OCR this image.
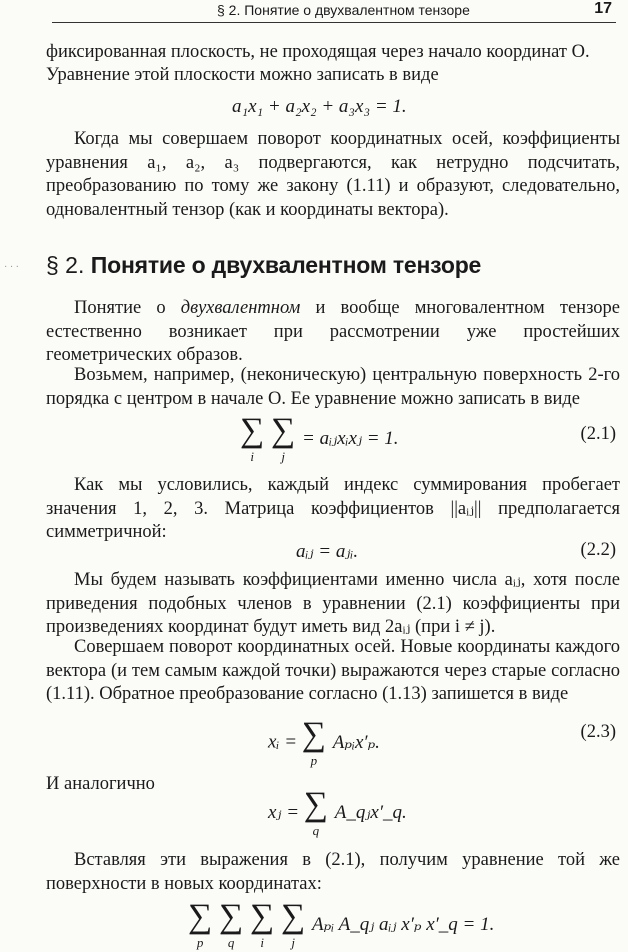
§ 2. Понятие о двухвалентном тензоре	17
фиксированная плоскость, не проходящая через начало координат O.
Уравнение этой плоскости можно записать в виде
a₁x₁ + a₂x₂ + a₃x₃ = 1.

Когда мы совершаем поворот координатных осей, коэффициенты уравнения a₁, a₂, a₃ подвергаются, как нетрудно подсчитать, преобразованию по тому же закону (1.11) и образуют, следовательно, одновалентный тензор (как и координаты вектора).

· · · § 2. Понятие о двухвалентном тензоре

Понятие о двухвалентном и вообще многовалентном тензоре естественно возникает при рассмотрении уже простейших геометрических образов.

Возьмем, например, (неконическую) центральную поверхность 2-го порядка с центром в начале O. Ее уравнение можно записать в виде

∑
i

∑
j
= aᵢⱼxᵢxⱼ = 1.	(2.1)

Как мы условились, каждый индекс суммирования пробегает значения 1, 2, 3. Матрица коэффициентов ||aᵢⱼ|| предполагается симметричной:

aᵢⱼ = aⱼᵢ.	(2.2)

Мы будем называть коэффициентами именно числа aᵢⱼ, хотя после приведения подобных членов в уравнении (2.1) коэффициенты при произведениях координат будут иметь вид 2aᵢⱼ (при i ≠ j).

Совершаем поворот координатных осей. Новые координаты каждого вектора (и тем самым каждой точки) выражаются через старые согласно (1.11). Обратное преобразование согласно (1.13) запишется в виде

xᵢ = ∑
p
Aₚᵢx′ₚ.	(2.3)
И аналогично
xⱼ = ∑
q
A_qⱼx′_q.

Вставляя эти выражения в (2.1), получим уравнение той же поверхности в новых координатах:

∑
p

∑
q

∑
i

∑
j
Aₚᵢ A_qⱼ aᵢⱼ x′ₚ x′_q = 1.
